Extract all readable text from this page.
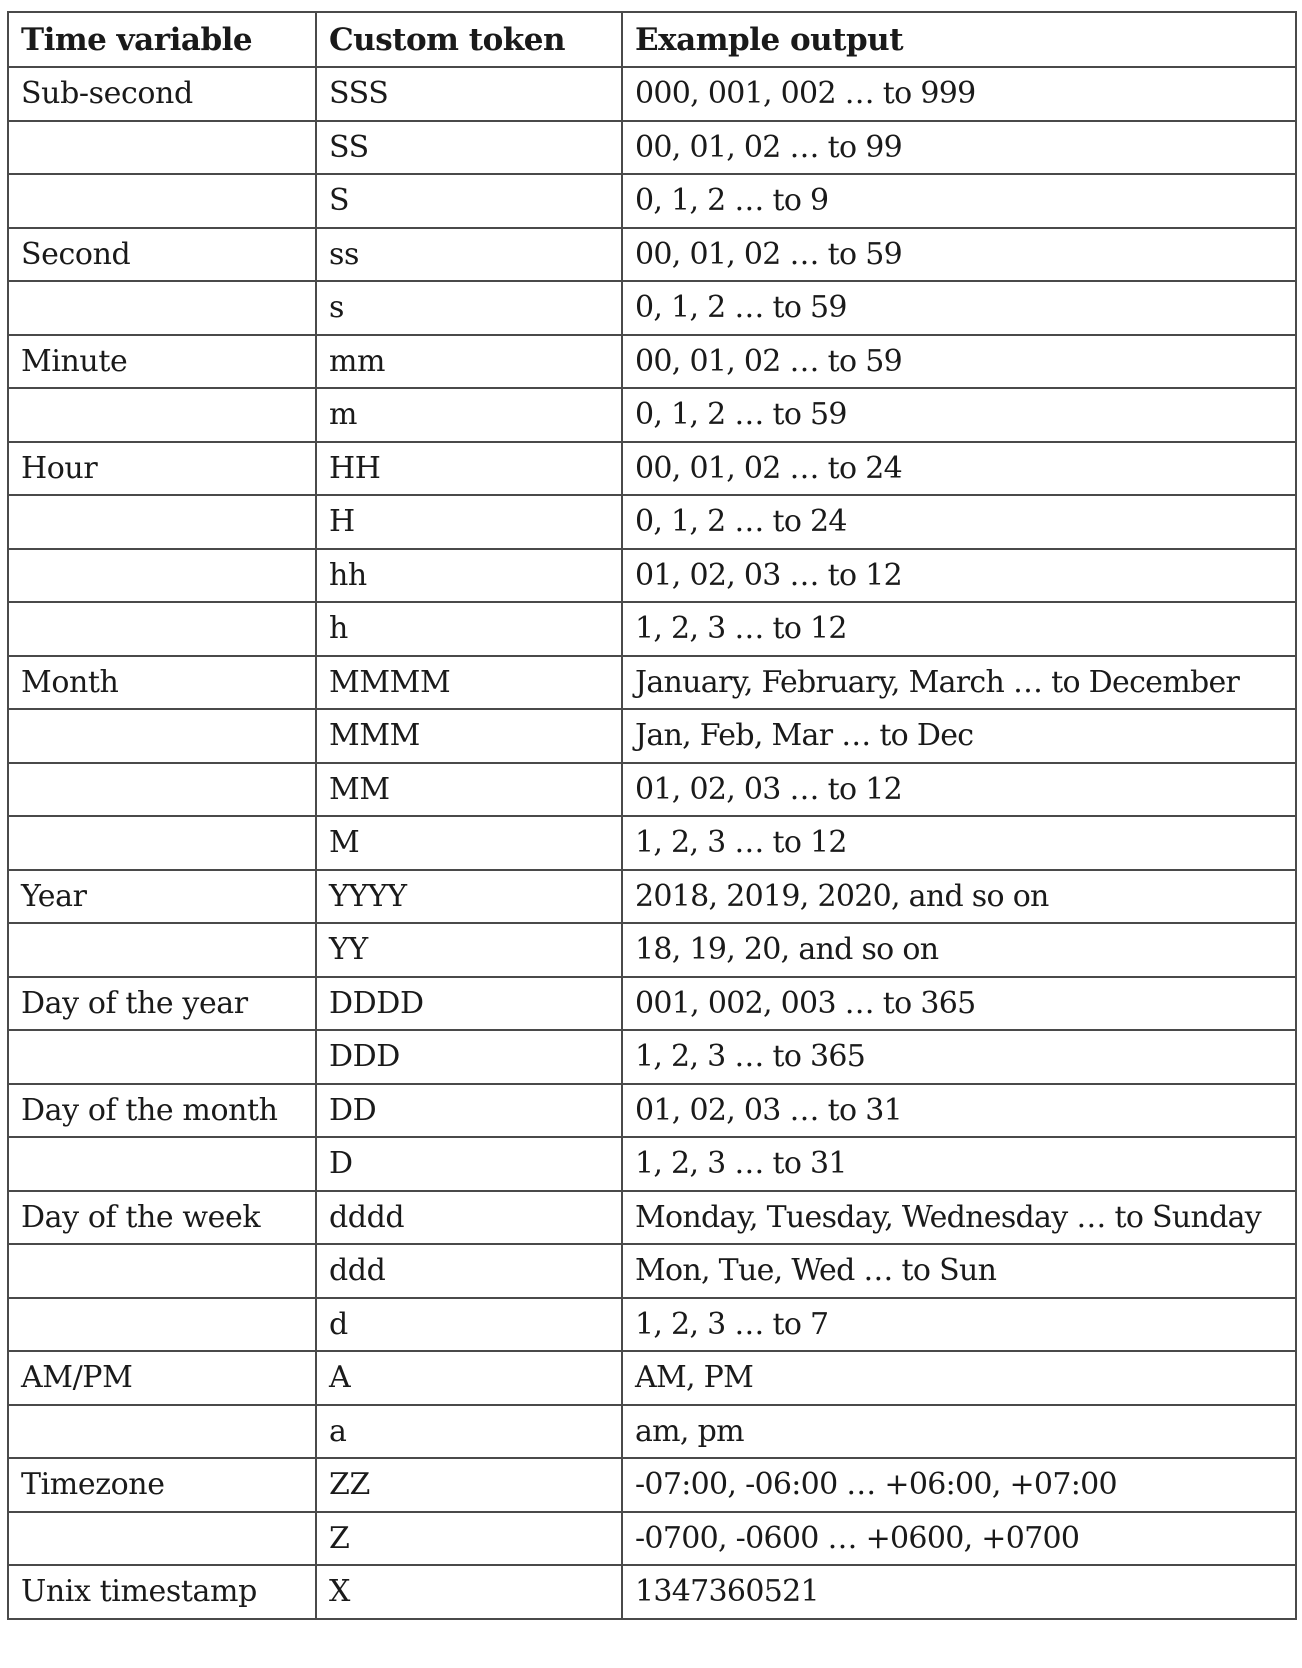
Time variable	Custom token	Example output
Sub-second	SSS	000, 001, 002 … to 999
	SS	00, 01, 02 … to 99
	S	0, 1, 2 … to 9
Second	ss	00, 01, 02 … to 59
	s	0, 1, 2 … to 59
Minute	mm	00, 01, 02 … to 59
	m	0, 1, 2 … to 59
Hour	HH	00, 01, 02 … to 24
	H	0, 1, 2 … to 24
	hh	01, 02, 03 … to 12
	h	1, 2, 3 … to 12
Month	MMMM	January, February, March … to December
	MMM	Jan, Feb, Mar … to Dec
	MM	01, 02, 03 … to 12
	M	1, 2, 3 … to 12
Year	YYYY	2018, 2019, 2020, and so on
	YY	18, 19, 20, and so on
Day of the year	DDDD	001, 002, 003 … to 365
	DDD	1, 2, 3 … to 365
Day of the month	DD	01, 02, 03 … to 31
	D	1, 2, 3 … to 31
Day of the week	dddd	Monday, Tuesday, Wednesday … to Sunday
	ddd	Mon, Tue, Wed … to Sun
	d	1, 2, 3 … to 7
AM/PM	A	AM, PM
	a	am, pm
Timezone	ZZ	-07:00, -06:00 … +06:00, +07:00
	Z	-0700, -0600 … +0600, +0700
Unix timestamp	X	1347360521
